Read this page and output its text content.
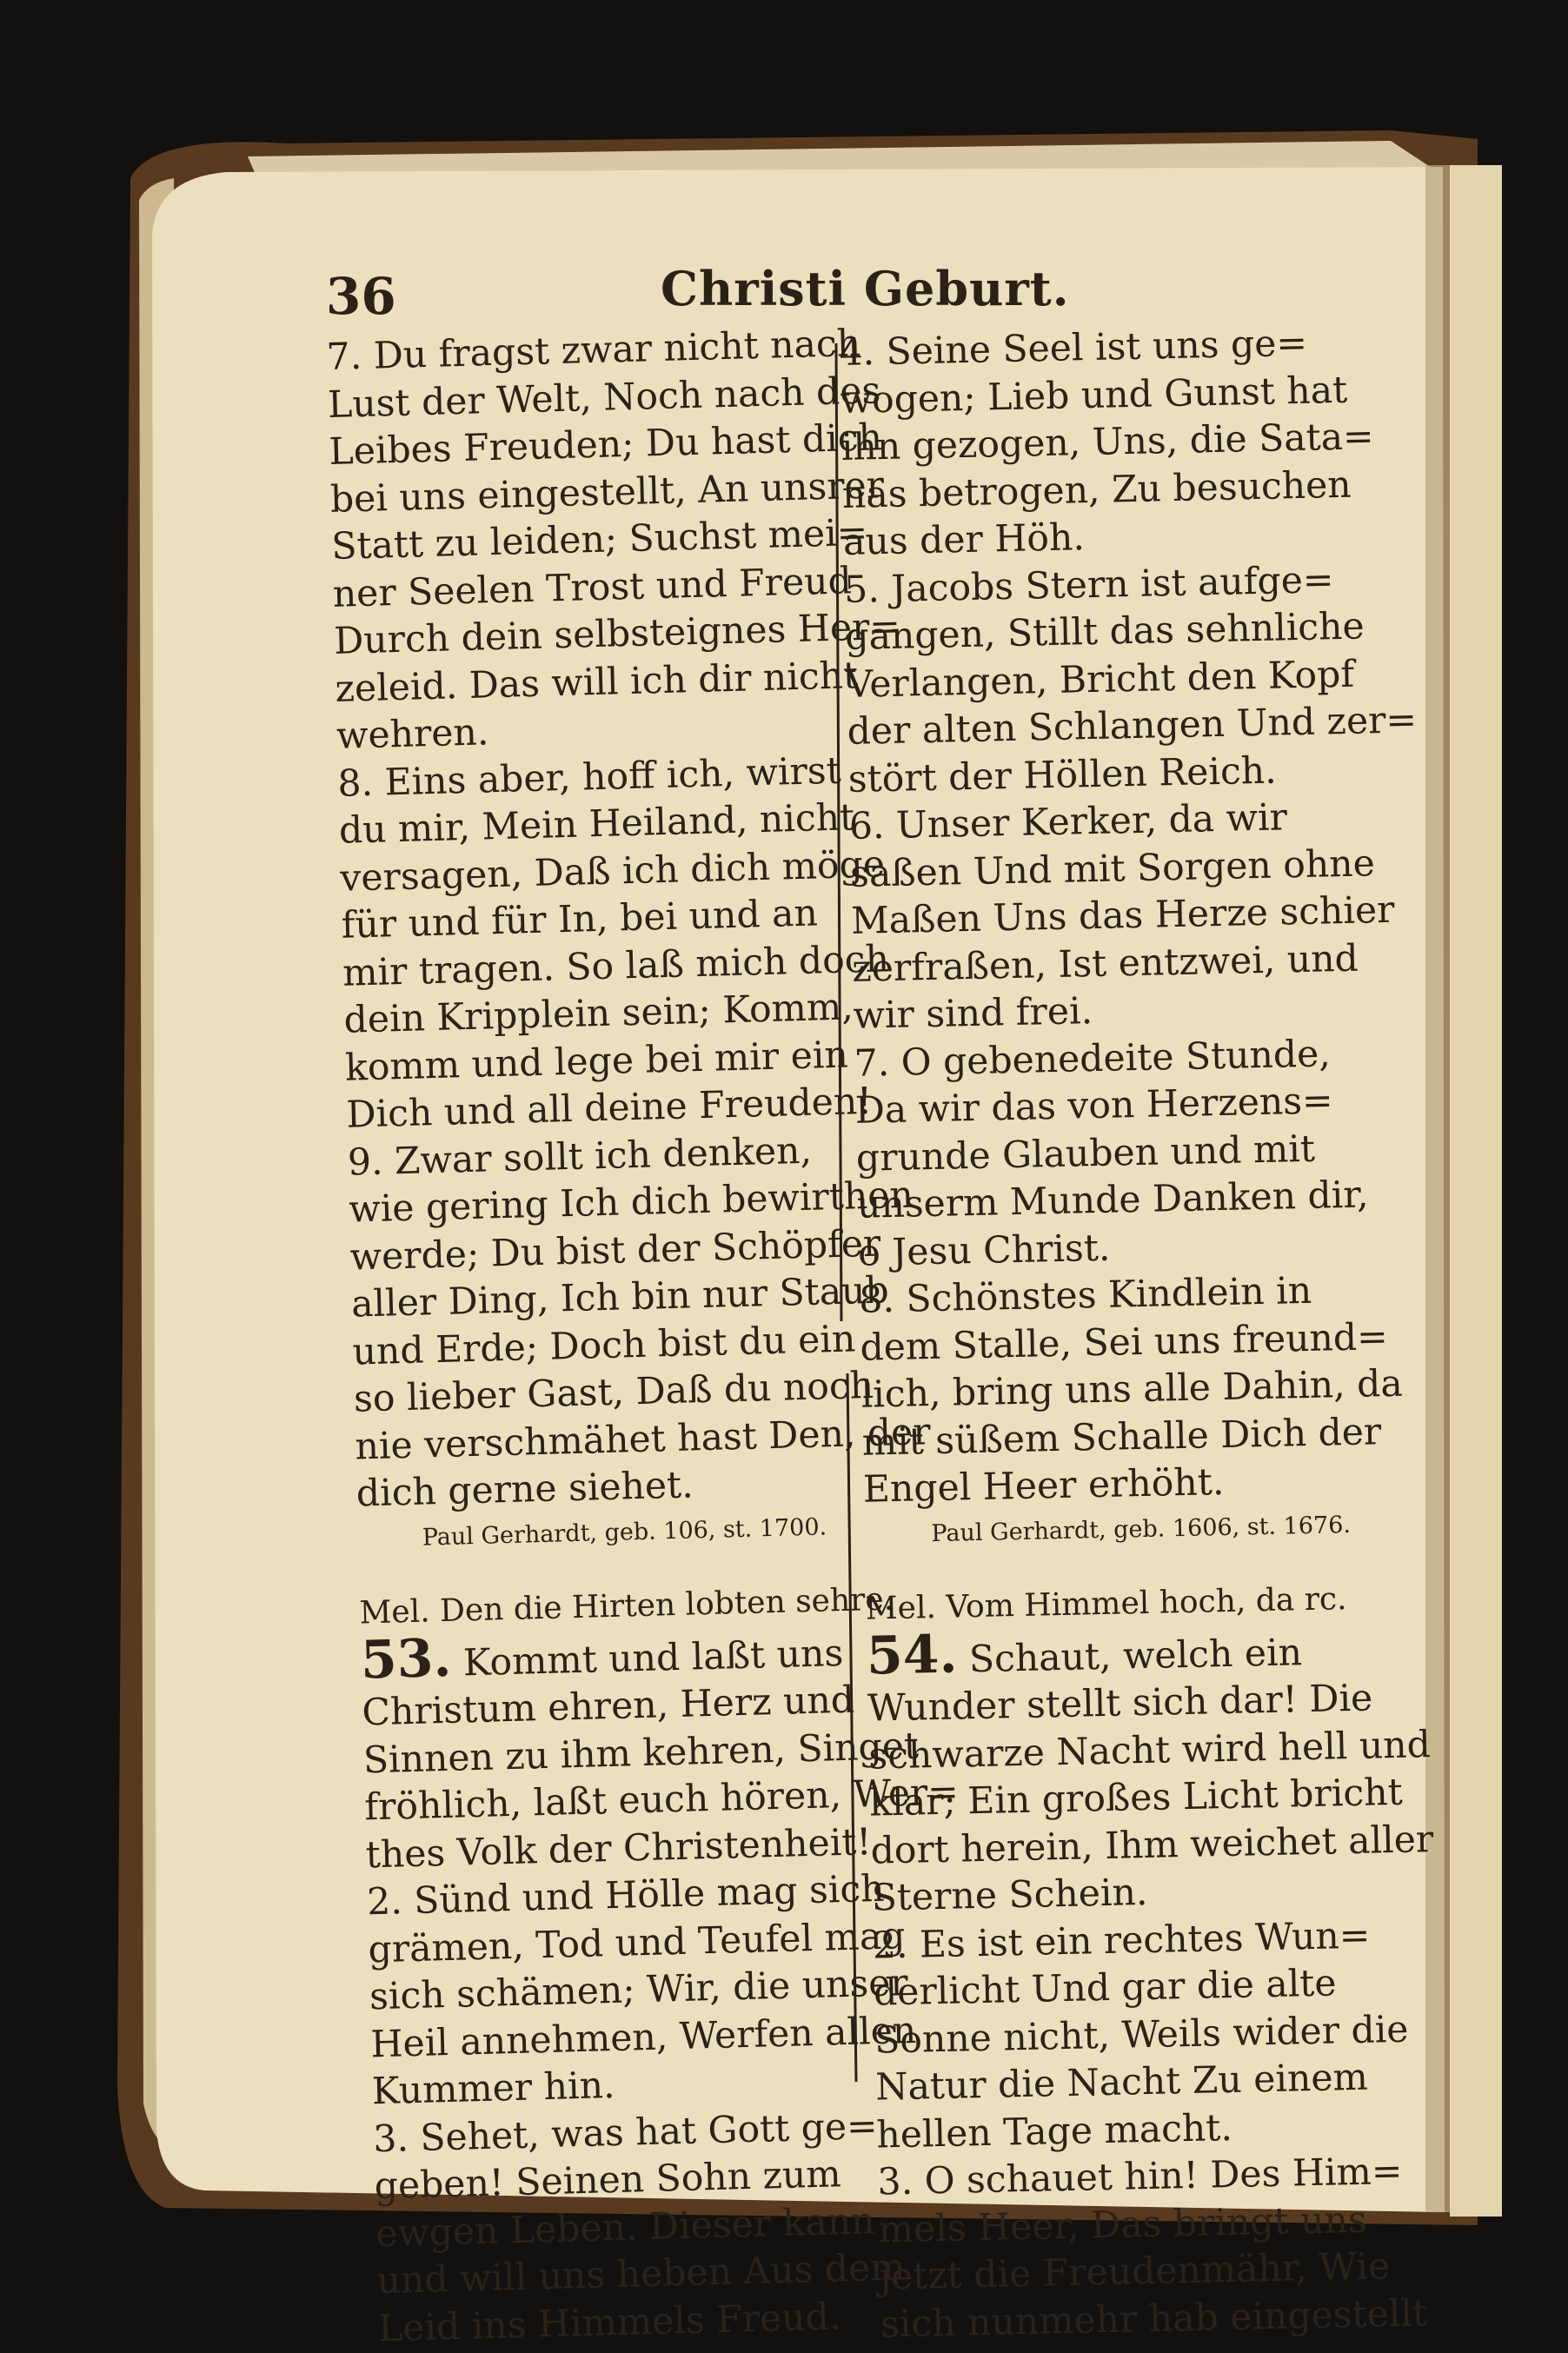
36	Christi Geburt.
7. Du fragst zwar nicht nach
Lust der Welt, Noch nach des
Leibes Freuden; Du hast dich
bei uns eingestellt, An unsrer
Statt zu leiden; Suchst mei=
ner Seelen Trost und Freud
Durch dein selbsteignes Her=
zeleid. Das will ich dir nicht
wehren.
8. Eins aber, hoff ich, wirst
du mir, Mein Heiland, nicht
versagen, Daß ich dich möge
für und für In, bei und an
mir tragen. So laß mich doch
dein Kripplein sein; Komm,
komm und lege bei mir ein
Dich und all deine Freuden!
9. Zwar sollt ich denken,
wie gering Ich dich bewirthen
werde; Du bist der Schöpfer
aller Ding, Ich bin nur Staub
und Erde; Doch bist du ein
so lieber Gast, Daß du noch
nie verschmähet hast Den, der
dich gerne siehet.
Paul Gerhardt, geb. 106, st. 1700.
Mel. Den die Hirten lobten sehre.
53. Kommt und laßt uns
Christum ehren, Herz und
Sinnen zu ihm kehren, Singet
fröhlich, laßt euch hören, Wer=
thes Volk der Christenheit!
2. Sünd und Hölle mag sich
grämen, Tod und Teufel mag
sich schämen; Wir, die unser
Heil annehmen, Werfen allen
Kummer hin.
3. Sehet, was hat Gott ge=
geben! Seinen Sohn zum
ewgen Leben. Dieser kann
und will uns heben Aus dem
Leid ins Himmels Freud.
4. Seine Seel ist uns ge=
wogen; Lieb und Gunst hat
ihn gezogen, Uns, die Sata=
nas betrogen, Zu besuchen
aus der Höh.
5. Jacobs Stern ist aufge=
gangen, Stillt das sehnliche
Verlangen, Bricht den Kopf
der alten Schlangen Und zer=
stört der Höllen Reich.
6. Unser Kerker, da wir
saßen Und mit Sorgen ohne
Maßen Uns das Herze schier
zerfraßen, Ist entzwei, und
wir sind frei.
7. O gebenedeite Stunde,
Da wir das von Herzens=
grunde Glauben und mit
unserm Munde Danken dir,
o Jesu Christ.
8. Schönstes Kindlein in
dem Stalle, Sei uns freund=
lich, bring uns alle Dahin, da
mit süßem Schalle Dich der
Engel Heer erhöht.
Paul Gerhardt, geb. 1606, st. 1676.
Mel. Vom Himmel hoch, da rc.
54. Schaut, welch ein
Wunder stellt sich dar! Die
schwarze Nacht wird hell und
klar; Ein großes Licht bricht
dort herein, Ihm weichet aller
Sterne Schein.
2. Es ist ein rechtes Wun=
derlicht Und gar die alte
Sonne nicht, Weils wider die
Natur die Nacht Zu einem
hellen Tage macht.
3. O schauet hin! Des Him=
mels Heer, Das bringt uns
jetzt die Freudenmähr, Wie
sich nunmehr hab eingestellt
